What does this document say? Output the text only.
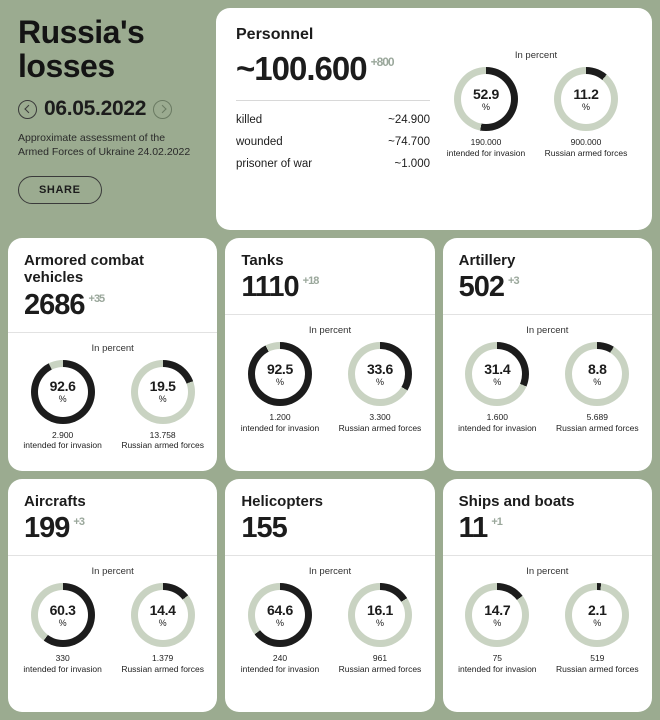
Russia's losses
06.05.2022
Approximate assessment of the Armed Forces of Ukraine 24.02.2022
SHARE
Personnel
~100.600 +800
killed	~24.900
wounded	~74.700
prisoner of war	~1.000
In percent
52.9
%
190.000
intended for invasion
11.2
%
900.000
Russian armed forces
Armored combat vehicles
2686 +35
In percent
92.6
%
2.900
intended for invasion
19.5
%
13.758
Russian armed forces
Tanks
1110 +18
In percent
92.5
%
1.200
intended for invasion
33.6
%
3.300
Russian armed forces
Artillery
502 +3
In percent
31.4
%
1.600
intended for invasion
8.8
%
5.689
Russian armed forces
Aircrafts
199 +3
In percent
60.3
%
330
intended for invasion
14.4
%
1.379
Russian armed forces
Helicopters
155
In percent
64.6
%
240
intended for invasion
16.1
%
961
Russian armed forces
Ships and boats
11 +1
In percent
14.7
%
75
intended for invasion
2.1
%
519
Russian armed forces
